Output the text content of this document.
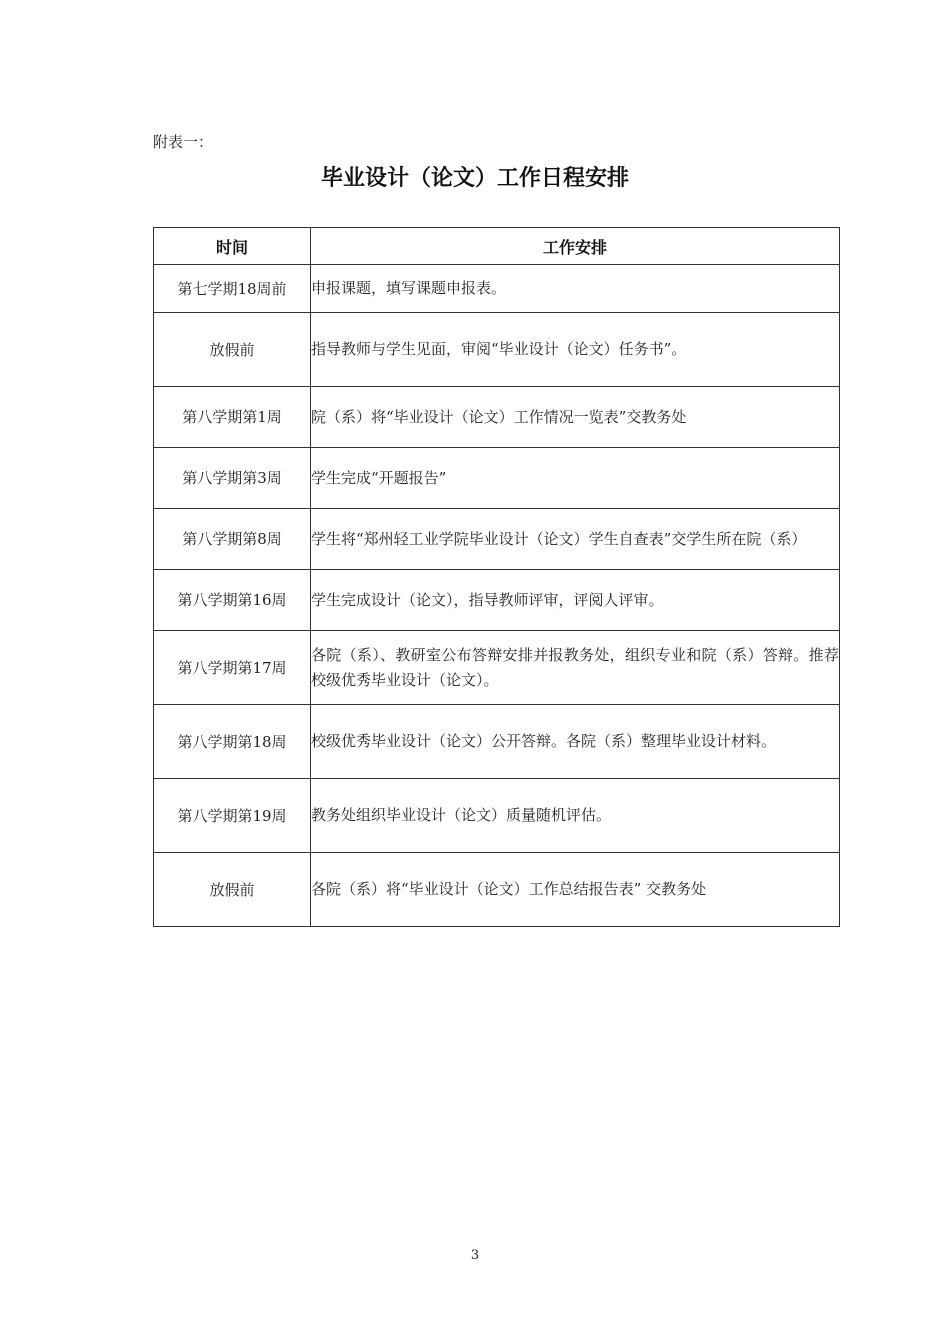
附表一：
毕业设计（论文）工作日程安排
时间	工作安排
第七学期18周前	申报课题，填写课题申报表。
放假前	指导教师与学生见面，审阅“毕业设计（论文）任务书”。
第八学期第1周	院（系）将“毕业设计（论文）工作情况一览表”交教务处
第八学期第3周	学生完成“开题报告”
第八学期第8周	学生将“郑州轻工业学院毕业设计（论文）学生自查表”交学生所在院（系）
第八学期第16周	学生完成设计（论文），指导教师评审，评阅人评审。
第八学期第17周	各院（系）、教研室公布答辩安排并报教务处，组织专业和院（系）答辩。推荐校级优秀毕业设计（论文）。
第八学期第18周	校级优秀毕业设计（论文）公开答辩。各院（系）整理毕业设计材料。
第八学期第19周	教务处组织毕业设计（论文）质量随机评估。
放假前	各院（系）将“毕业设计（论文）工作总结报告表” 交教务处
3
